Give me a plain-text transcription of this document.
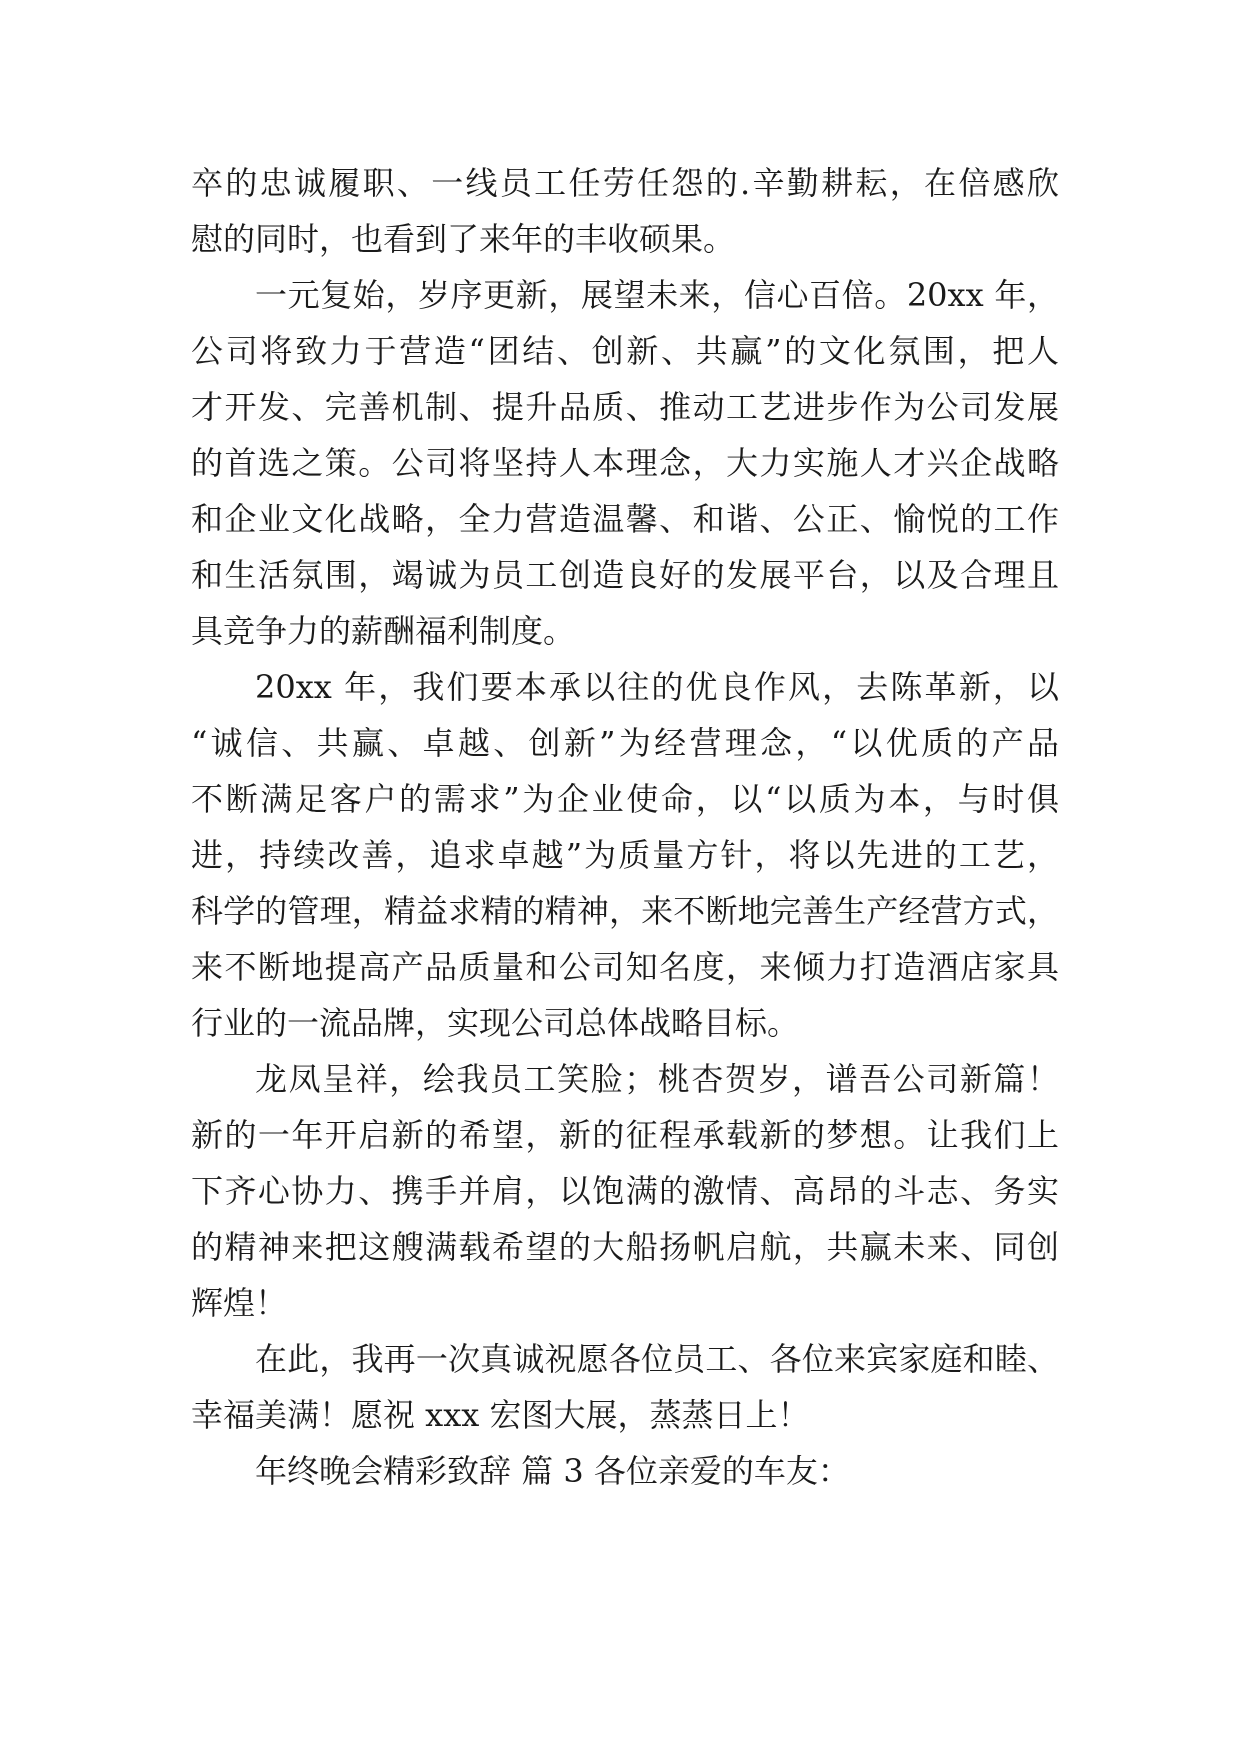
卒的忠诚履职、一线员工任劳任怨的.辛勤耕耘，在倍感欣
慰的同时，也看到了来年的丰收硕果。
一元复始，岁序更新，展望未来，信心百倍。20xx 年，
公司将致力于营造“团结、创新、共赢”的文化氛围，把人
才开发、完善机制、提升品质、推动工艺进步作为公司发展
的首选之策。公司将坚持人本理念，大力实施人才兴企战略
和企业文化战略，全力营造温馨、和谐、公正、愉悦的工作
和生活氛围，竭诚为员工创造良好的发展平台，以及合理且
具竞争力的薪酬福利制度。
20xx 年，我们要本承以往的优良作风，去陈革新，以
“诚信、共赢、卓越、创新”为经营理念，“以优质的产品
不断满足客户的需求”为企业使命，以“以质为本，与时俱
进，持续改善，追求卓越”为质量方针，将以先进的工艺，
科学的管理，精益求精的精神，来不断地完善生产经营方式，
来不断地提高产品质量和公司知名度，来倾力打造酒店家具
行业的一流品牌，实现公司总体战略目标。
龙凤呈祥，绘我员工笑脸；桃杏贺岁，谱吾公司新篇！
新的一年开启新的希望，新的征程承载新的梦想。让我们上
下齐心协力、携手并肩，以饱满的激情、高昂的斗志、务实
的精神来把这艘满载希望的大船扬帆启航，共赢未来、同创
辉煌！
在此，我再一次真诚祝愿各位员工、各位来宾家庭和睦、
幸福美满！愿祝 xxx 宏图大展，蒸蒸日上！
年终晚会精彩致辞 篇 3 各位亲爱的车友：
